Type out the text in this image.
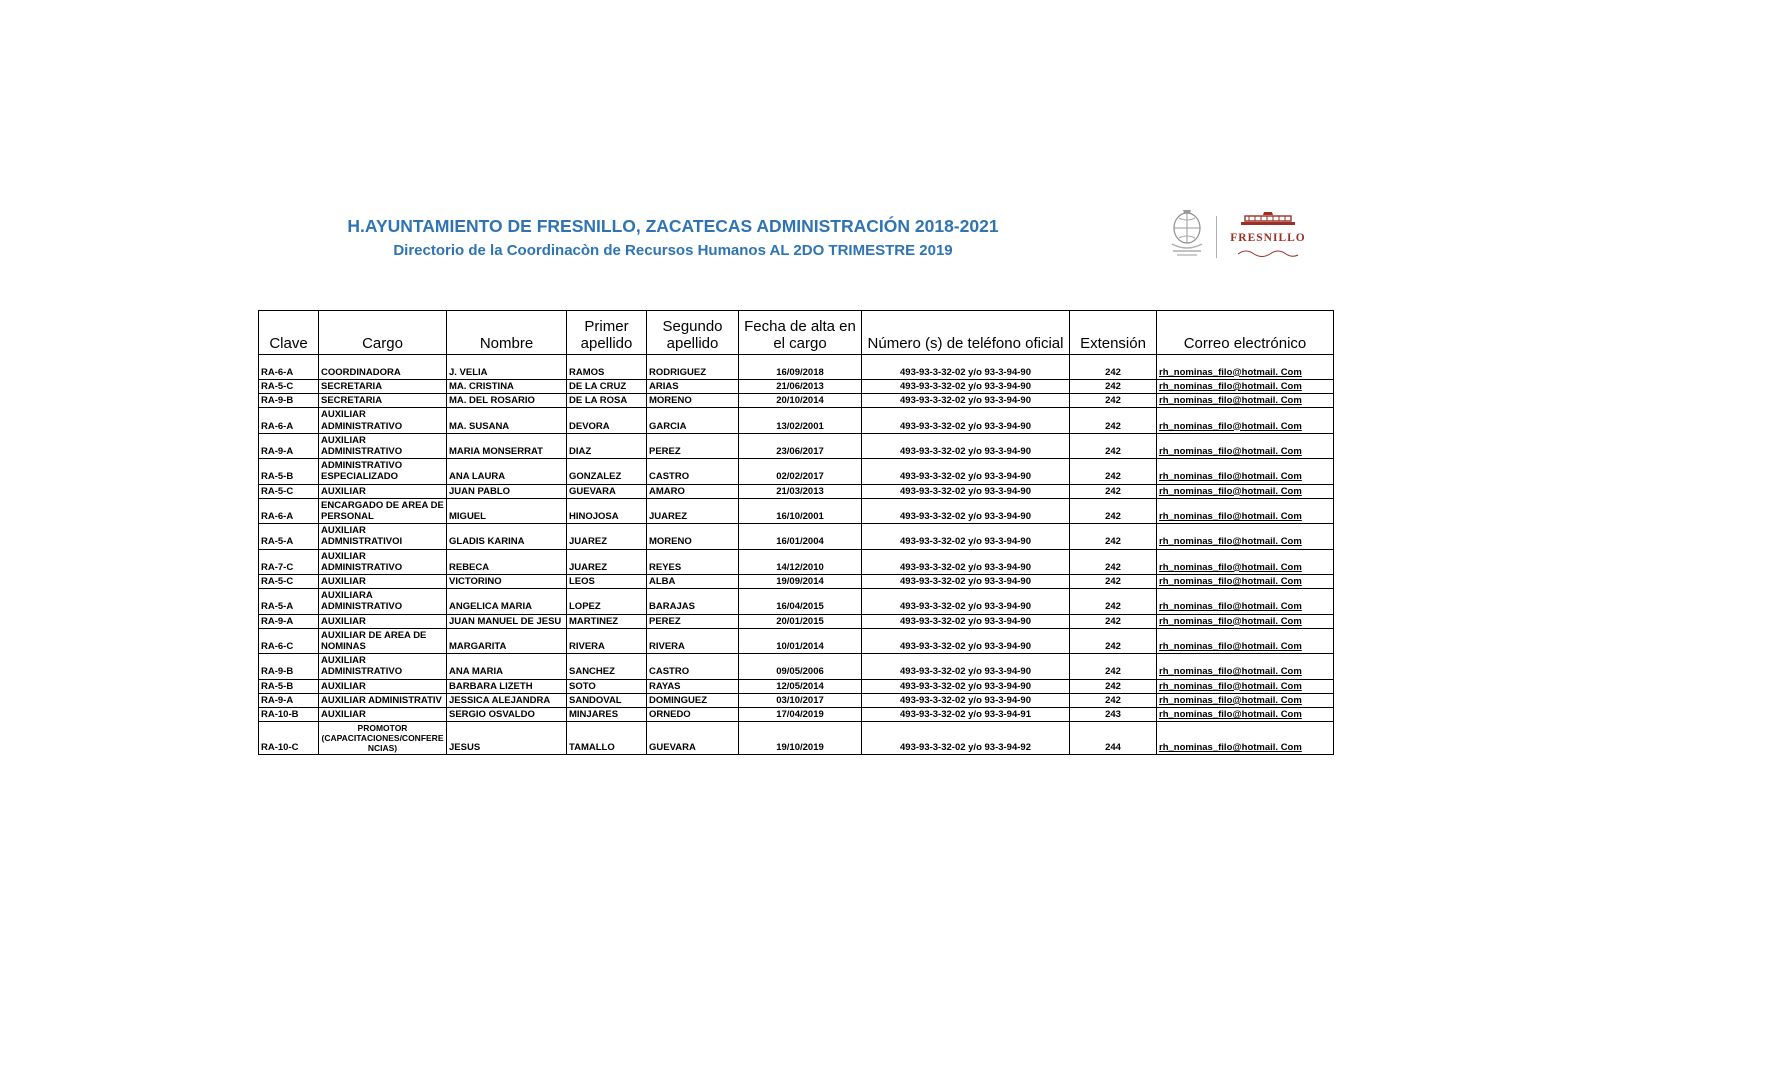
H.AYUNTAMIENTO DE FRESNILLO, ZACATECAS ADMINISTRACIÓN 2018-2021
Directorio de la Coordinacòn de Recursos Humanos AL 2DO TRIMESTRE 2019
FRESNILLO
Clave	Cargo	Nombre	Primer apellido	Segundo apellido	Fecha de alta en el cargo	Número (s) de teléfono oficial	Extensión	Correo electrónico
RA-6-A	COORDINADORA	J. VELIA	RAMOS	RODRIGUEZ	16/09/2018	493-93-3-32-02 y/o 93-3-94-90	242	rh_nominas_filo@hotmail. Com
RA-5-C	SECRETARIA	MA. CRISTINA	DE LA CRUZ	ARIAS	21/06/2013	493-93-3-32-02 y/o 93-3-94-90	242	rh_nominas_filo@hotmail. Com
RA-9-B	SECRETARIA	MA. DEL ROSARIO	DE LA ROSA	MORENO	20/10/2014	493-93-3-32-02 y/o 93-3-94-90	242	rh_nominas_filo@hotmail. Com
RA-6-A	AUXILIAR ADMINISTRATIVO	MA. SUSANA	DEVORA	GARCIA	13/02/2001	493-93-3-32-02 y/o 93-3-94-90	242	rh_nominas_filo@hotmail. Com
RA-9-A	AUXILIAR ADMINISTRATIVO	MARIA MONSERRAT	DIAZ	PEREZ	23/06/2017	493-93-3-32-02 y/o 93-3-94-90	242	rh_nominas_filo@hotmail. Com
RA-5-B	ADMINISTRATIVO ESPECIALIZADO	ANA LAURA	GONZALEZ	CASTRO	02/02/2017	493-93-3-32-02 y/o 93-3-94-90	242	rh_nominas_filo@hotmail. Com
RA-5-C	AUXILIAR	JUAN PABLO	GUEVARA	AMARO	21/03/2013	493-93-3-32-02 y/o 93-3-94-90	242	rh_nominas_filo@hotmail. Com
RA-6-A	ENCARGADO DE AREA DE PERSONAL	MIGUEL	HINOJOSA	JUAREZ	16/10/2001	493-93-3-32-02 y/o 93-3-94-90	242	rh_nominas_filo@hotmail. Com
RA-5-A	AUXILIAR ADMNISTRATIVOI	GLADIS KARINA	JUAREZ	MORENO	16/01/2004	493-93-3-32-02 y/o 93-3-94-90	242	rh_nominas_filo@hotmail. Com
RA-7-C	AUXILIAR ADMINISTRATIVO	REBECA	JUAREZ	REYES	14/12/2010	493-93-3-32-02 y/o 93-3-94-90	242	rh_nominas_filo@hotmail. Com
RA-5-C	AUXILIAR	VICTORINO	LEOS	ALBA	19/09/2014	493-93-3-32-02 y/o 93-3-94-90	242	rh_nominas_filo@hotmail. Com
RA-5-A	AUXILIARA ADMINISTRATIVO	ANGELICA MARIA	LOPEZ	BARAJAS	16/04/2015	493-93-3-32-02 y/o 93-3-94-90	242	rh_nominas_filo@hotmail. Com
RA-9-A	AUXILIAR	JUAN MANUEL DE JESU	MARTINEZ	PEREZ	20/01/2015	493-93-3-32-02 y/o 93-3-94-90	242	rh_nominas_filo@hotmail. Com
RA-6-C	AUXILIAR DE AREA DE NOMINAS	MARGARITA	RIVERA	RIVERA	10/01/2014	493-93-3-32-02 y/o 93-3-94-90	242	rh_nominas_filo@hotmail. Com
RA-9-B	AUXILIAR ADMINISTRATIVO	ANA MARIA	SANCHEZ	CASTRO	09/05/2006	493-93-3-32-02 y/o 93-3-94-90	242	rh_nominas_filo@hotmail. Com
RA-5-B	AUXILIAR	BARBARA LIZETH	SOTO	RAYAS	12/05/2014	493-93-3-32-02 y/o 93-3-94-90	242	rh_nominas_filo@hotmail. Com
RA-9-A	AUXILIAR ADMINISTRATIV	JESSICA ALEJANDRA	SANDOVAL	DOMINGUEZ	03/10/2017	493-93-3-32-02 y/o 93-3-94-90	242	rh_nominas_filo@hotmail. Com
RA-10-B	AUXILIAR	SERGIO OSVALDO	MINJARES	ORNEDO	17/04/2019	493-93-3-32-02 y/o 93-3-94-91	243	rh_nominas_filo@hotmail. Com
RA-10-C	PROMOTOR (CAPACITACIONES/CONFERENCIAS)	JESUS	TAMALLO	GUEVARA	19/10/2019	493-93-3-32-02 y/o 93-3-94-92	244	rh_nominas_filo@hotmail. Com
